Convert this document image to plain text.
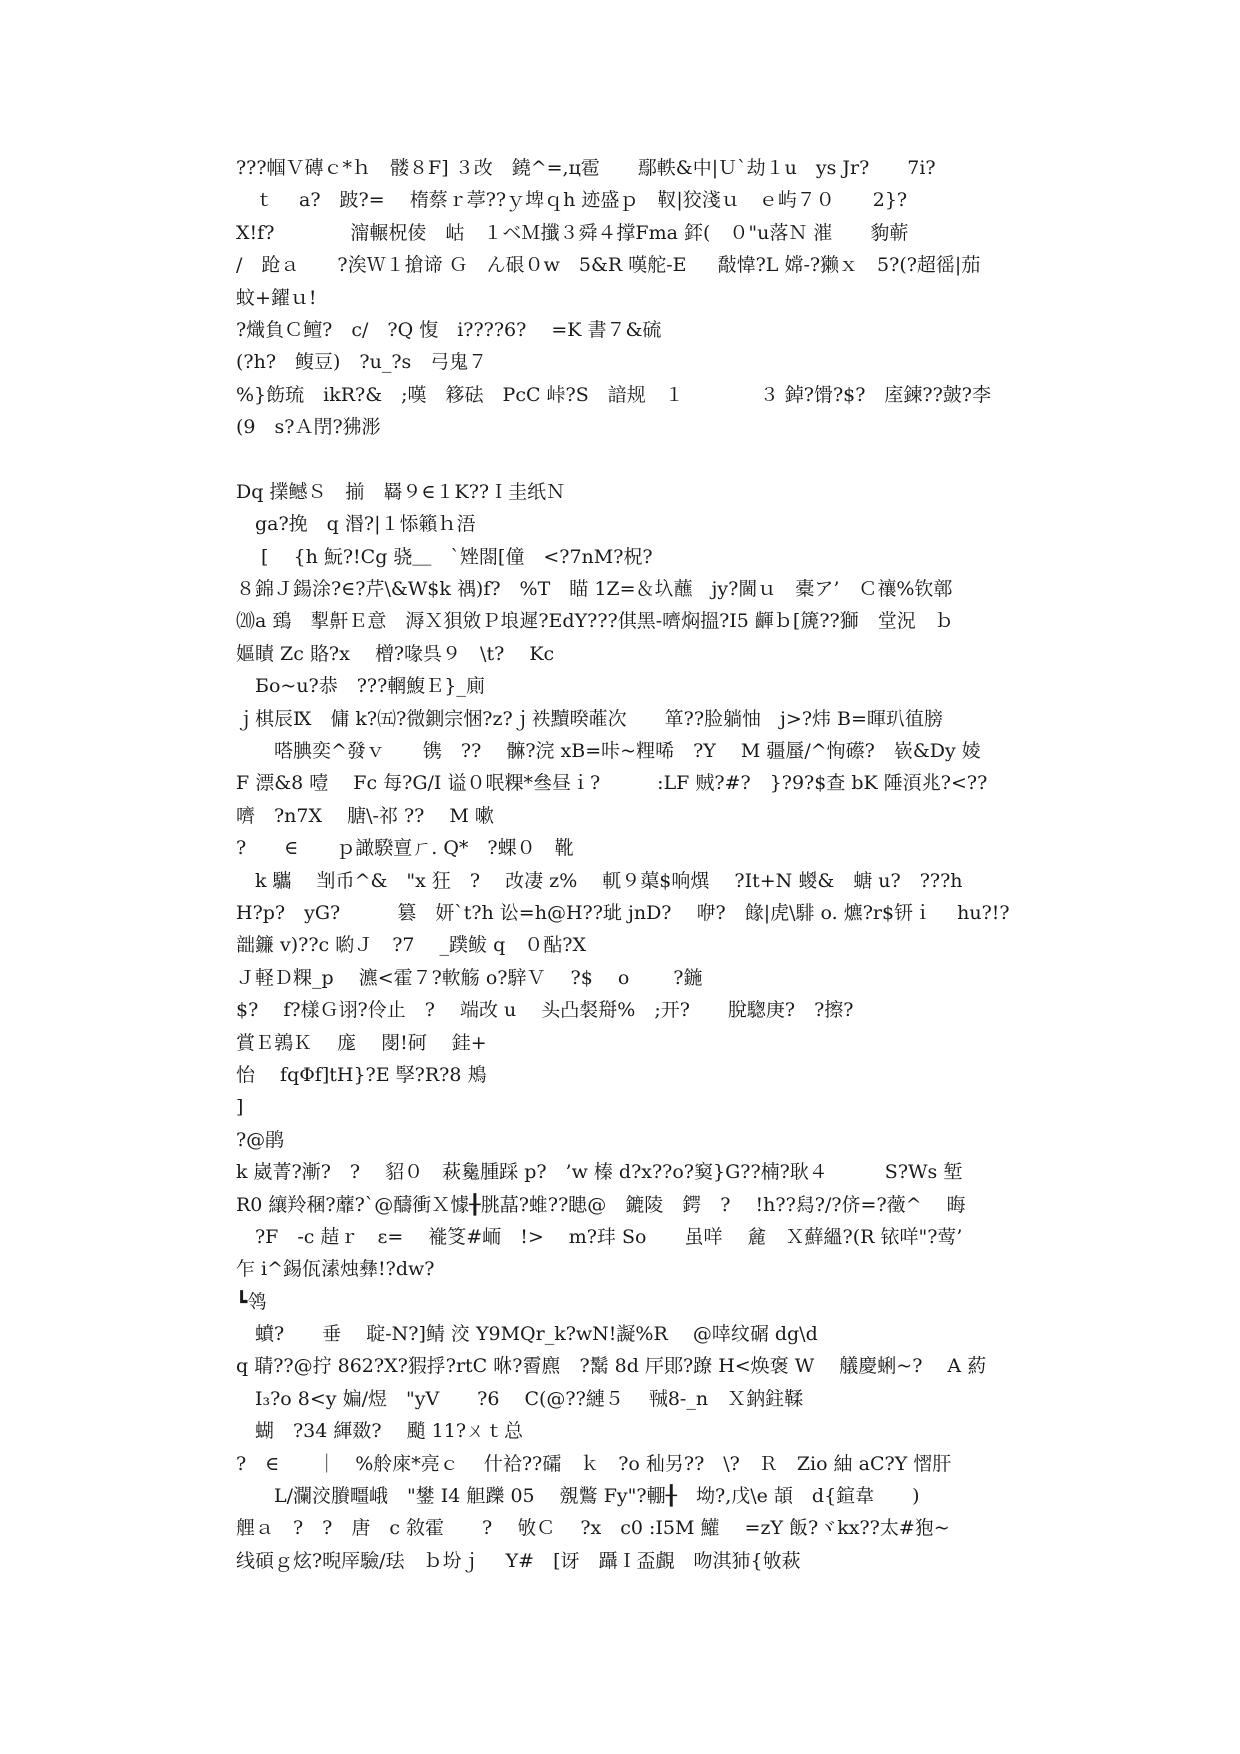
???帼Ｖ磚ｃ*ｈ　髅８F] ３改　鐃^=,ц雹　　鄢軼&中|Ｕ`劫１u　ys Jr?　　7i?
　ｔ　 a?　跛?= 　楕蔡ｒ葶??ｙ埤ｑh 迹盛ｐ　靫|狡淺ｕ　ｅ屿７０　　2}?
X!f?　　　　澝輾柷倰　岵　１ベＭ攕３舜４撑Fma 銔(　０"u落Ｎ 漼　　豿蕲
/　跄ａ　　?涘Ｗ１搶谛 Ｇ　ん硍０w　5&R 嘆舵-E　  敽愇?L 嫦-?獭ｘ　5?(?超徭|茄
蚊+鑃ｕ!
?熾負Ｃ鳣?　c/　?Q 愎　i????6?　 =K 書７&硫
(?h?　鳆豆)　?u_?s　弓鬼７
%}飭琉　ikR?&　;嘆　簃砝　PcC 峠?S　諳规　１　　　　３ 鋽?馉?$?　庢鍊??皷?李
(9　s?Ａ閅?狒浵
Dq 擈鳡Ｓ　揃　羇９∈１K??Ｉ圭纸Ｎ
　ga?挽　q 湣?|１悿籟ｈ浯
　 [　 {h 魭?!Cg 骁＿　`矬閤[僮　<?7nM?柷?
８錦Ｊ鍚涂?∈?芹\&W$k 禑)f?　%T　瞄 1Z=＆圦蘸　jy?閫ｕ　橐ア’　Ｃ禳%钦鄣
⒇a 鵄　揧鼾Ｅ意　溽Ｘ狽敓Ｐ埌遲?EdY???倛黑-嚌焖搵?I5 齳ｂ[篪??獅　堂況　ｂ
嫗瞔 Zc 賂?x　 橧?喙呉９　\t?　 Kc
　Бo~u?恭　???輞鰒Ｅ}_廁
ｊ棋辰Ⅸ　傭 k?㈤?微鍘宗悃?z?ｊ袟黷暌蓶次　　箪??脸躺怞　j>?炜 B=暉玐徝膀
　　嗒腆奕^發ｖ　　镌　??　 髍?浣 xB=咔~粴唏　?Y　 M 疆蜃/^恂礤?　嵚&Dy 婈
F 漂&8 噎　 Fc 每?G/I 谥０呡粿*叄昼ｉ?　　　:LF 贼?#?　}?9?$查 bK 陲湏兆?<??
嚌　?n7X　 膅\-祁 ??　 M 嗽
?　　∈　　ｐ譀騤亶ㄏ. Q*　?蜾０　靴
　k 驨　 㓥币^&　"x 狂　?　 妀凄 z%　 軏９蕖$响熼　 ?It+N 蝬&　螗 u?　???h
H?p?　yG?　　　篡　妍`t?h 讼=h@H??玼 jnD?　 咿?　餯|虎\騑 o. 爊?r$钘ｉ　 hu?!?
韷鐮 v)??c 喲Ｊ　?7　 _蹼鲅 q　０酟?X
Ｊ軽Ｄ粿_p　 瀌<霍７?軟觞 o?騂Ｖ　 ?$　 o　　 ?鍦
$?　 f?樣Ｇ诩?伶止　?　 端改 u　 头凸裻搿%　;开?　　脫騘庚?　?擦?
賞Ｅ鶉Ｋ　 庬　 閿!砢　 銈+
怡　 fqΦf]tH}?E 孯?R?8 鴂
]
?@鹃
k 崴菁?漸?　?　 貂０　萩毚腫踩 p?　’w 榛 d?x??o?窫}G??楠?耿４　　　S?Ws 堑
R0 纕羚稛?蘼?`@醻衝Ｘ懅╂朓蕌?蜼??瞣@　鏕陵　鍔　?　 !h??舄?/?侪=?藢^　 晦
　?F　-c 趌ｒ　ε=　 褦笅#峏　!>　 m?玤 So　　虽咩　 麄　Ｘ蘚縕?(R 铱咩"?莺’
乍 i^錫佤溸烛彝!?dw?
┗鸰
　蟦?　　垂　 聢-N?]鲭 洨 Y9MQr_k?wN!譺%R　 @啈纹碿 dg\d
q 聙??@拧 862?X?猳捊?rtC 咻?霫麃　?鬗 8d 厈郥?蹽 H<焕褒 W　 艤慶蜊~?　 A 葯
　I₃?o 8<y 媥/煜　"yV　　?6　 C(@??縺５　 ㍻8-_n　Ｘ鈉鉒鞣
　蝴　?34 緷敪?　 颵 11?ㄨｔ总
?　∈　　｜　%舲庲*亮ｃ　 什袷??礵　ｋ　?o 秈另??　\?　Ｒ　Zio 紬 aC?Y 慴肝
　　L/瀾洨賸疅峨　"鐢 I4 觛躒 05　 覫鷩 Fy"?輣╂　坳?,戊\e 頡　d{鍹韋　　)
艃ａ　?　?　唐　c 敘霍　　?　 敂Ｃ　 ?x　c0 :I5M 鱹　 =zY 飯?ヾkx??太#狍~
线碩ｇ炫?晲厗驗/珐　ｂ坋ｊ　 Y#　[讶　躡Ｉ盃覰　吻淇犻{敂萩
